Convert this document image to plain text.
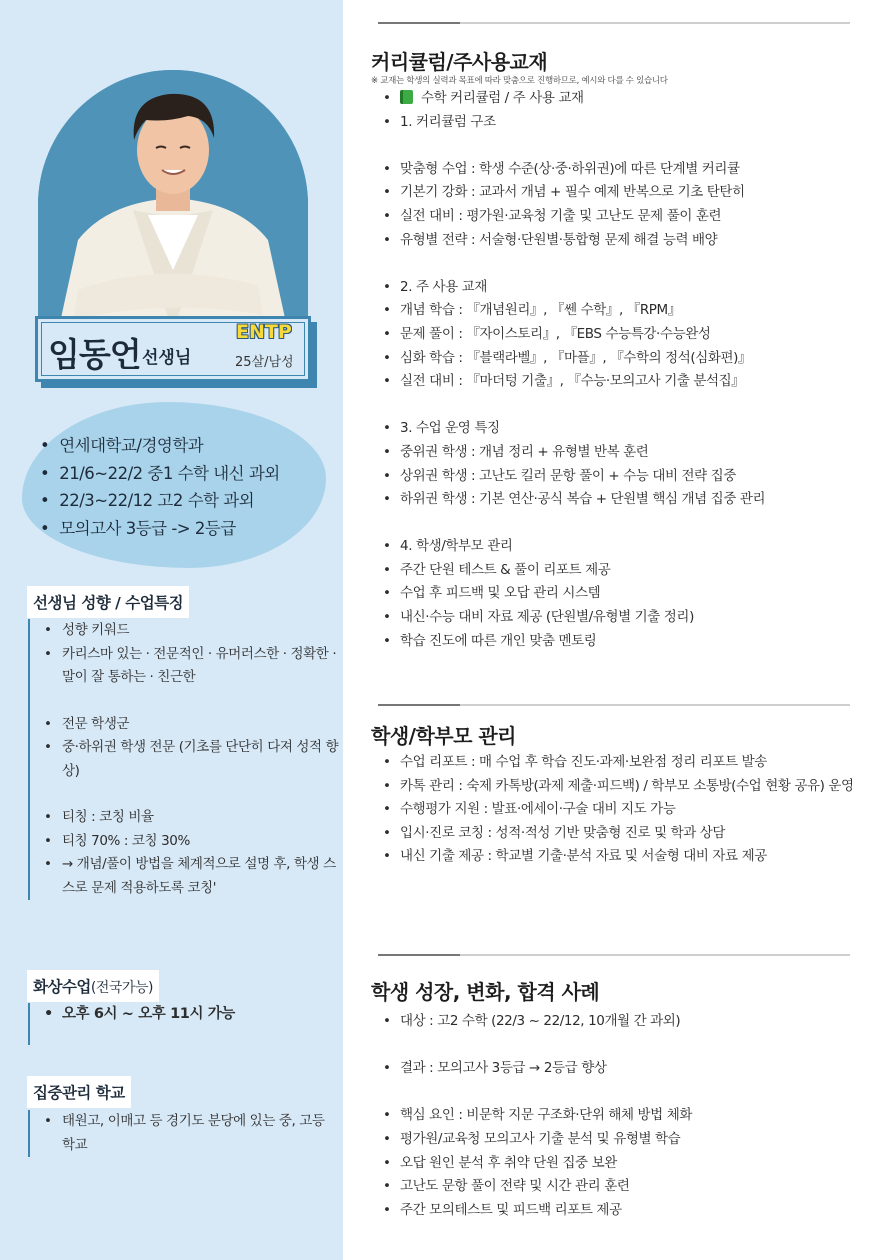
임동언 선생님
ENTP
25살/남성
• 연세대학교/경영학과
• 21/6~22/2 중1 수학 내신 과외
• 22/3~22/12 고2 수학 과외
• 모의고사 3등급 -> 2등급
선생님 성향 / 수업특징
• 성향 키워드
• 카리스마 있는 · 전문적인 · 유머러스한 · 정확한 · 말이 잘 통하는 · 친근한
• 전문 학생군
• 중·하위권 학생 전문 (기초를 단단히 다져 성적 향상)
• 티칭 : 코칭 비율
• 티칭 70% : 코칭 30%
• → 개념/풀이 방법을 체계적으로 설명 후, 학생 스스로 문제 적용하도록 코칭'
화상수업(전국가능)
• 오후 6시 ~ 오후 11시 가능
집중관리 학교
• 태원고, 이매고 등 경기도 분당에 있는 중, 고등학교
커리큘럼/주사용교재
※ 교재는 학생의 실력과 목표에 따라 맞춤으로 진행하므로, 예시와 다를 수 있습니다
• 수학 커리큘럼 / 주 사용 교재
• 1. 커리큘럼 구조
• 맞춤형 수업 : 학생 수준(상·중·하위권)에 따른 단계별 커리큘
• 기본기 강화 : 교과서 개념 + 필수 예제 반복으로 기초 탄탄히
• 실전 대비 : 평가원·교육청 기출 및 고난도 문제 풀이 훈련
• 유형별 전략 : 서술형·단원별·통합형 문제 해결 능력 배양
• 2. 주 사용 교재
• 개념 학습 : 『개념원리』, 『쎈 수학』, 『RPM』
• 문제 풀이 : 『자이스토리』, 『EBS 수능특강·수능완성
• 심화 학습 : 『블랙라벨』, 『마플』, 『수학의 정석(심화편)』
• 실전 대비 : 『마더텅 기출』, 『수능·모의고사 기출 분석집』
• 3. 수업 운영 특징
• 중위권 학생 : 개념 정리 + 유형별 반복 훈련
• 상위권 학생 : 고난도 킬러 문항 풀이 + 수능 대비 전략 집중
• 하위권 학생 : 기본 연산·공식 복습 + 단원별 핵심 개념 집중 관리
• 4. 학생/학부모 관리
• 주간 단원 테스트 & 풀이 리포트 제공
• 수업 후 피드백 및 오답 관리 시스템
• 내신·수능 대비 자료 제공 (단원별/유형별 기출 정리)
• 학습 진도에 따른 개인 맞춤 멘토링
학생/학부모 관리
• 수업 리포트 : 매 수업 후 학습 진도·과제·보완점 정리 리포트 발송
• 카톡 관리 : 숙제 카톡방(과제 제출·피드백) / 학부모 소통방(수업 현황 공유) 운영
• 수행평가 지원 : 발표·에세이·구술 대비 지도 가능
• 입시·진로 코칭 : 성적·적성 기반 맞춤형 진로 및 학과 상담
• 내신 기출 제공 : 학교별 기출·분석 자료 및 서술형 대비 자료 제공
학생 성장, 변화, 합격 사례
• 대상 : 고2 수학 (22/3 ~ 22/12, 10개월 간 과외)
• 결과 : 모의고사 3등급 → 2등급 향상
• 핵심 요인 : 비문학 지문 구조화·단위 해체 방법 체화
• 평가원/교육청 모의고사 기출 분석 및 유형별 학습
• 오답 원인 분석 후 취약 단원 집중 보완
• 고난도 문항 풀이 전략 및 시간 관리 훈련
• 주간 모의테스트 및 피드백 리포트 제공
